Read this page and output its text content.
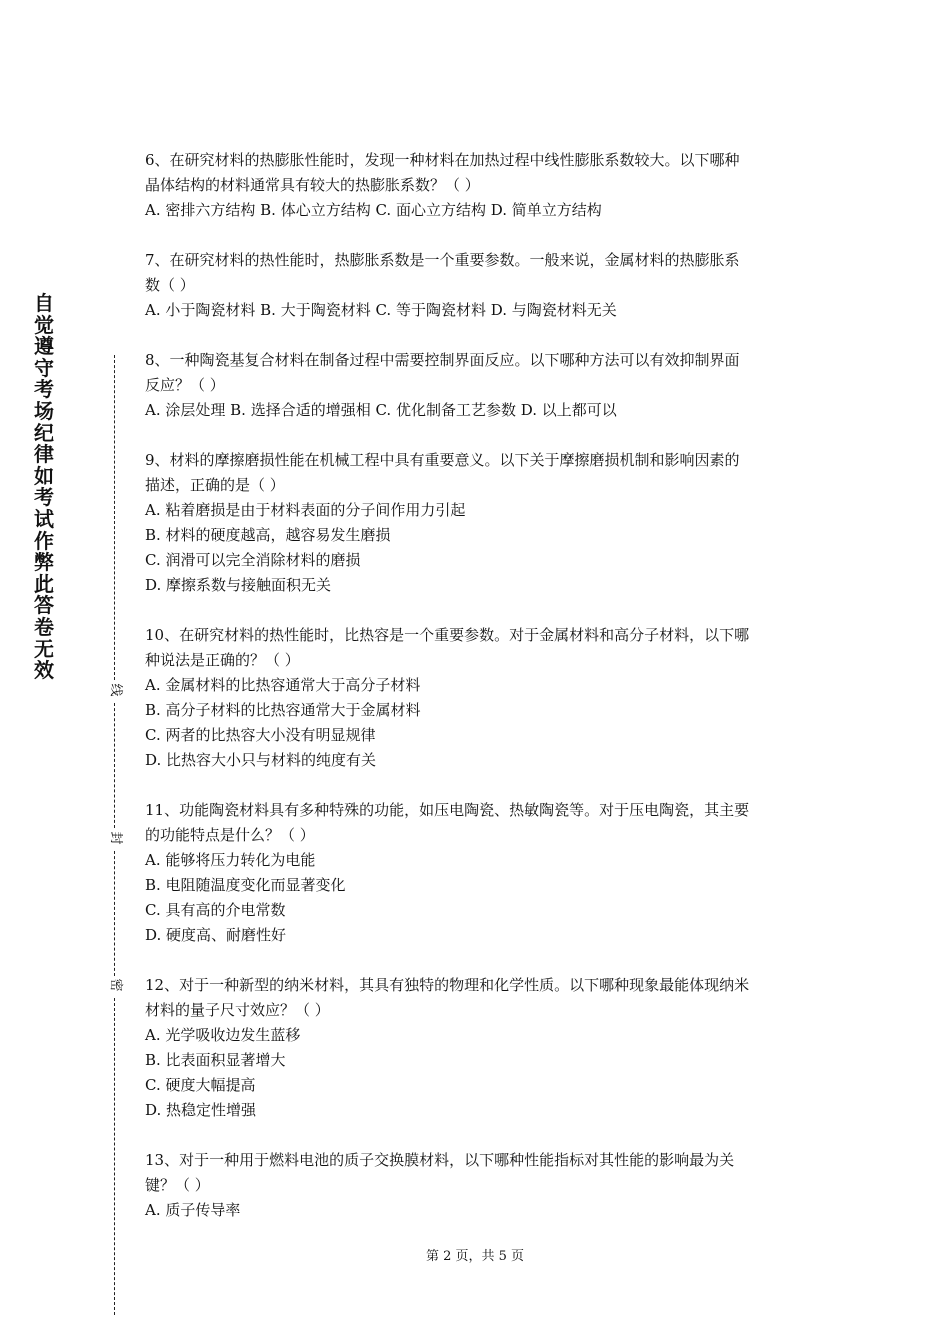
自觉遵守考场纪律如考试作弊此答卷无效
线
封
密
6、在研究材料的热膨胀性能时，发现一种材料在加热过程中线性膨胀系数较大。以下哪种
晶体结构的材料通常具有较大的热膨胀系数？（ ）
A. 密排六方结构 B. 体心立方结构 C. 面心立方结构 D. 简单立方结构
7、在研究材料的热性能时，热膨胀系数是一个重要参数。一般来说，金属材料的热膨胀系
数（ ）
A. 小于陶瓷材料 B. 大于陶瓷材料 C. 等于陶瓷材料 D. 与陶瓷材料无关
8、一种陶瓷基复合材料在制备过程中需要控制界面反应。以下哪种方法可以有效抑制界面
反应？（ ）
A. 涂层处理 B. 选择合适的增强相 C. 优化制备工艺参数 D. 以上都可以
9、材料的摩擦磨损性能在机械工程中具有重要意义。以下关于摩擦磨损机制和影响因素的
描述，正确的是（ ）
A. 粘着磨损是由于材料表面的分子间作用力引起
B. 材料的硬度越高，越容易发生磨损
C. 润滑可以完全消除材料的磨损
D. 摩擦系数与接触面积无关
10、在研究材料的热性能时，比热容是一个重要参数。对于金属材料和高分子材料，以下哪
种说法是正确的？（ ）
A. 金属材料的比热容通常大于高分子材料
B. 高分子材料的比热容通常大于金属材料
C. 两者的比热容大小没有明显规律
D. 比热容大小只与材料的纯度有关
11、功能陶瓷材料具有多种特殊的功能，如压电陶瓷、热敏陶瓷等。对于压电陶瓷，其主要
的功能特点是什么？（ ）
A. 能够将压力转化为电能
B. 电阻随温度变化而显著变化
C. 具有高的介电常数
D. 硬度高、耐磨性好
12、对于一种新型的纳米材料，其具有独特的物理和化学性质。以下哪种现象最能体现纳米
材料的量子尺寸效应？（ ）
A. 光学吸收边发生蓝移
B. 比表面积显著增大
C. 硬度大幅提高
D. 热稳定性增强
13、对于一种用于燃料电池的质子交换膜材料，以下哪种性能指标对其性能的影响最为关
键？（ ）
A. 质子传导率
第 2 页，共 5 页
